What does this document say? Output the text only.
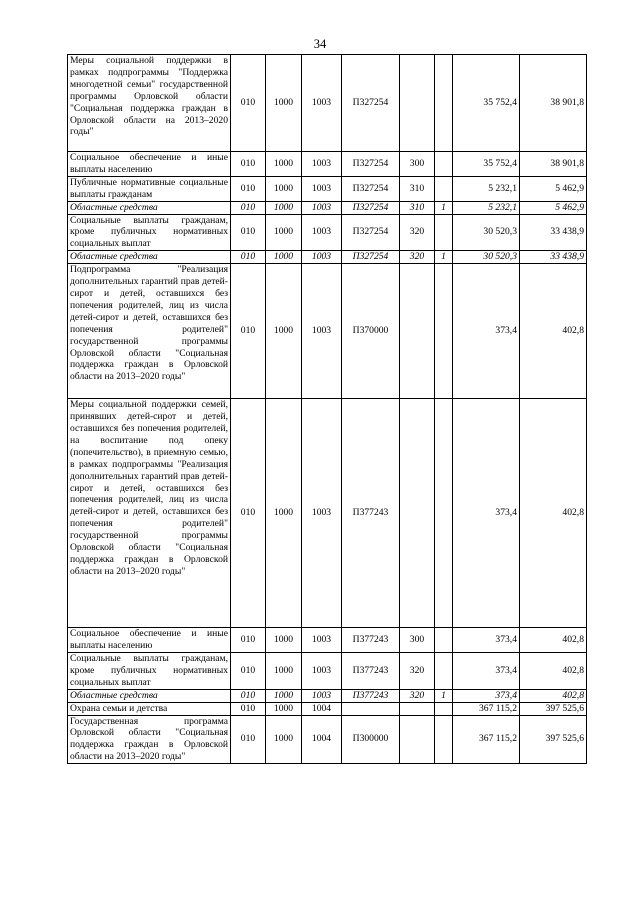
34
Меры социальной поддержки в рамках подпрограммы "Поддержка многодетной семьи" государственной программы Орловской области "Социальная поддержка граждан в Орловской области на 2013–2020 годы"	010	1000	1003	П327254			35 752,4	38 901,8
Социальное обеспечение и иные выплаты населению	010	1000	1003	П327254	300		35 752,4	38 901,8
Публичные нормативные социальные выплаты гражданам	010	1000	1003	П327254	310		5 232,1	5 462,9
Областные средства	010	1000	1003	П327254	310	1	5 232,1	5 462,9
Социальные выплаты гражданам, кроме публичных нормативных социальных выплат	010	1000	1003	П327254	320		30 520,3	33 438,9
Областные средства	010	1000	1003	П327254	320	1	30 520,3	33 438,9
Подпрограмма "Реализация дополнительных гарантий прав детей-сирот и детей, оставшихся без попечения родителей, лиц из числа детей-сирот и детей, оставшихся без попечения родителей" государственной программы Орловской области "Социальная поддержка граждан в Орловской области на 2013–2020 годы"	010	1000	1003	П370000			373,4	402,8
Меры социальной поддержки семей, принявших детей-сирот и детей, оставшихся без попечения родителей, на воспитание под опеку (попечительство), в приемную семью, в рамках подпрограммы "Реализация дополнительных гарантий прав детей-сирот и детей, оставшихся без попечения родителей, лиц из числа детей-сирот и детей, оставшихся без попечения родителей" государственной программы Орловской области "Социальная поддержка граждан в Орловской области на 2013–2020 годы"	010	1000	1003	П377243			373,4	402,8
Социальное обеспечение и иные выплаты населению	010	1000	1003	П377243	300		373,4	402,8
Социальные выплаты гражданам, кроме публичных нормативных социальных выплат	010	1000	1003	П377243	320		373,4	402,8
Областные средства	010	1000	1003	П377243	320	1	373,4	402,8
Охрана семьи и детства	010	1000	1004				367 115,2	397 525,6
Государственная программа Орловской области "Социальная поддержка граждан в Орловской области на 2013–2020 годы"	010	1000	1004	П300000			367 115,2	397 525,6
